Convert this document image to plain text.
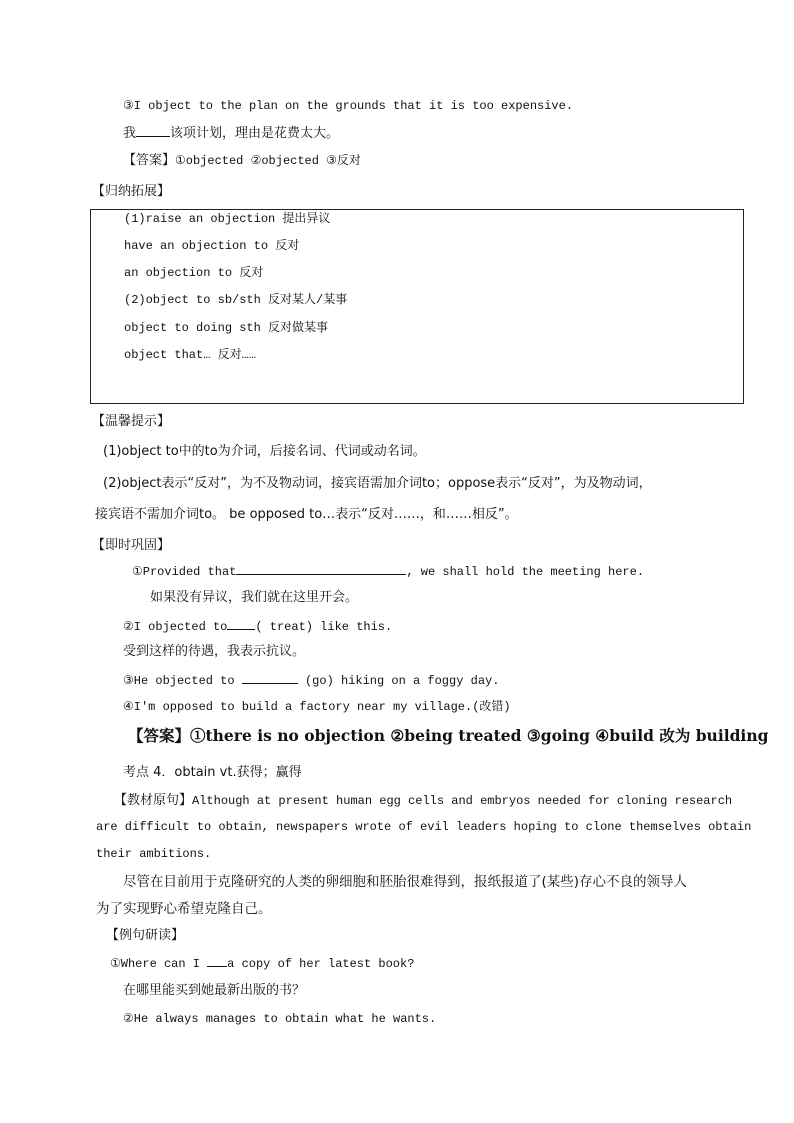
③I object to the plan on the grounds that it is too expensive.
我	该项计划，理由是花费太大。
【答案】①objected ②objected ③反对
【归纳拓展】
(1)raise an objection 提出异议
have an objection to 反对
an objection to 反对
(2)object to sb/sth 反对某人/某事
object to doing sth 反对做某事
object that… 反对……
【温馨提示】
(1)object to中的to为介词，后接名词、代词或动名词。
(2)object表示“反对”，为不及物动词，接宾语需加介词to；oppose表示“反对”，为及物动词，
接宾语不需加介词to。 be opposed to…表示“反对……，和……相反”。
【即时巩固】
①Provided that	, we shall hold the meeting here.
如果没有异议，我们就在这里开会。
②I objected to ( treat) like this.
受到这样的待遇，我表示抗议。
③He objected to	(go) hiking on a foggy day.
④I'm opposed to build a factory near my village.(改错)
【答案】①there is no objection ②being treated ③going ④build 改为 building
考点 4．obtain vt.获得；赢得
【教材原句】Although at present human egg cells and embryos needed for cloning research
are difficult to obtain, newspapers wrote of evil leaders hoping to clone themselves obtain
their ambitions.
尽管在目前用于克隆研究的人类的卵细胞和胚胎很难得到，报纸报道了(某些)存心不良的领导人
为了实现野心希望克隆自己。
【例句研读】
①Where can I a copy of her latest book?
在哪里能买到她最新出版的书？
②He always manages to obtain what he wants.
